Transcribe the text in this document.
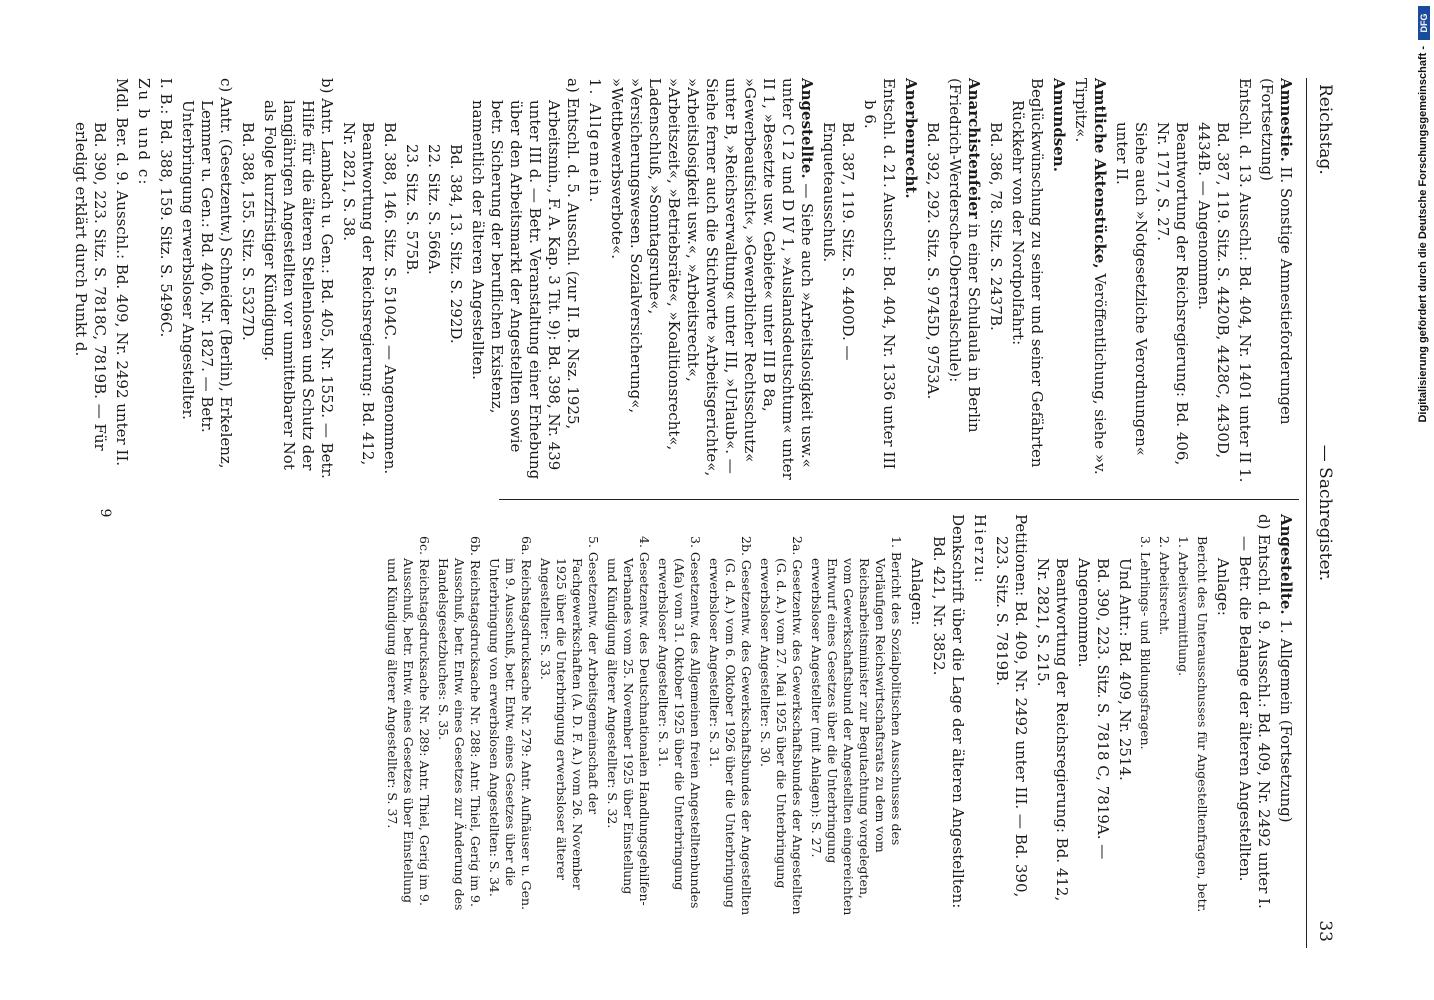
Reichstag.
— Sachregister.
33
Amnestie. II. Sonstige Amnestieforderungen (Fortsetzung)
Entschl. d. 13. Ausschl.: Bd. 404, Nr. 1401 unter II 1.
Bd. 387, 119. Sitz. S. 4420B, 4428C, 4430D, 4434B. — Angenommen.
Beantwortung der Reichsregierung: Bd. 406, Nr. 1717, S. 27.
Siehe auch »Notgesetzliche Verordnungen« unter II.
Amtliche Aktenstücke, Veröffentlichung, siehe »v. Tirpitz«.
Amundsen.
Beglückwünschung zu seiner und seiner Gefährten Rückkehr von der Nordpolfahrt:
Bd. 386, 78. Sitz. S. 2437B.
Anarchistenfeier in einer Schulaula in Berlin (Friedrich-Werdersche-Oberrealschule):
Bd. 392, 292. Sitz. S. 9745D, 9753A.
Anerbenrecht.
Entschl. d. 21. Ausschl.: Bd. 404, Nr. 1336 unter III b 6.
Bd. 387, 119. Sitz. S. 4400D. — Enqueteausschuß.
Angestellte. — Siehe auch »Arbeitslosigkeit usw.« unter C I 2 und D IV 1, »Auslandsdeutschtum« unter II 1, »Besetzte usw. Gebiete« unter III B 8a, »Gewerbeaufsicht«, »Gewerblicher Rechtsschutz« unter B, »Reichsverwaltung« unter III, »Urlaub«. — Siehe ferner auch die Stichworte »Arbeitsgerichte«, »Arbeitslosigkeit usw.«, »Arbeitsrecht«, »Arbeitszeit«, »Betriebsräte«, »Koalitionsrecht«, Ladenschluß, »Sonntagsruhe«, »Versicherungswesen. Sozialversicherung«, »Wettbewerbsverbote«.
1. Allgemein.
a) Entschl. d. 5. Ausschl. (zur II. B. Nsz. 1925, Arbeitsmin., F. A. Kap. 3 Tit. 9): Bd. 398, Nr. 439 unter III d. — Betr. Veranstaltung einer Erhebung über den Arbeitsmarkt der Angestellten sowie betr. Sicherung der beruflichen Existenz, namentlich der älteren Angestellten.
Bd. 384, 13. Sitz. S. 292D.
22. Sitz. S. 566A.
23. Sitz. S. 575B.
Bd. 388, 146. Sitz. S. 5104C. — Angenommen.
Beantwortung der Reichsregierung: Bd. 412, Nr. 2821, S. 38.
b) Antr. Lambach u. Gen.: Bd. 405, Nr. 1552. — Betr. Hilfe für die älteren Stellenlosen und Schutz der langjährigen Angestellten vor unmittelbarer Not als Folge kurzfristiger Kündigung.
Bd. 388, 155. Sitz. S. 5327D.
c) Antr. (Gesetzentw.) Schneider (Berlin), Erkelenz, Lemmer u. Gen.: Bd. 406, Nr. 1827. — Betr. Unterbringung erwerbsloser Angestellter.
I. B.: Bd. 388, 159. Sitz. S. 5496C.
Zu b und c:
Mdl. Ber. d. 9. Ausschl.: Bd. 409, Nr. 2492 unter II.
Bd. 390, 223. Sitz. S. 7818C, 7819B. — Für erledigt erklärt durch Punkt d.
Angestellte. 1. Allgemein (Fortsetzung)
d) Entschl. d. 9. Ausschl.: Bd. 409, Nr. 2492 unter I. — Betr. die Belange der älteren Angestellten.
Anlage:
Bericht des Unterausschusses für Angestelltenfragen, betr.
1. Arbeitsvermittlung.
2. Arbeitsrecht.
3. Lehrlings- und Bildungsfragen.
Und Antr.: Bd. 409, Nr. 2514.
Bd. 390, 223. Sitz. S. 7818 C, 7819A. — Angenommen.
Beantwortung der Reichsregierung: Bd. 412, Nr. 2821, S. 215.
Petitionen: Bd. 409, Nr. 2492 unter III. — Bd. 390, 223. Sitz. S. 7819B.
Hierzu:
Denkschrift über die Lage der älteren Angestellten: Bd. 421, Nr. 3852.
Anlagen:
1. Bericht des Sozialpolitischen Ausschusses des Vorläufigen Reichswirtschaftsrats zu dem vom Reichsarbeitsminister zur Begutachtung vorgelegten, vom Gewerkschaftsbund der Angestellten eingereichten Entwurf eines Gesetzes über die Unterbringung erwerbsloser Angestellter (mit Anlagen): S. 27.
2a. Gesetzentw. des Gewerkschaftsbundes der Angestellten (G. d. A.) vom 27. Mai 1925 über die Unterbringung erwerbsloser Angestellter: S. 30.
2b. Gesetzentw. des Gewerkschaftsbundes der Angestellten (G. d. A.) vom 6. Oktober 1926 über die Unterbringung erwerbsloser Angestellter: S. 31.
3. Gesetzentw. des Allgemeinen freien Angestelltenbundes (Afa) vom 31. Oktober 1925 über die Unterbringung erwerbsloser Angestellter: S. 31.
4. Gesetzentw. des Deutschnationalen Handlungsgehilfen-Verbandes vom 25. November 1925 über Einstellung und Kündigung älterer Angestellter: S. 32.
5. Gesetzentw. der Arbeitsgemeinschaft der Fachgewerkschaften (A. D. F. A.) vom 26. November 1925 über die Unterbringung erwerbsloser älterer Angestellter: S. 33.
6a. Reichstagsdrucksache Nr. 279: Antr. Aufhäuser u. Gen. im 9. Ausschuß, betr. Entw. eines Gesetzes über die Unterbringung von erwerbslosen Angestellten: S. 34.
6b. Reichstagsdrucksache Nr. 288: Antr. Thiel, Gerig im 9. Ausschuß, betr. Entw. eines Gesetzes zur Änderung des Handelsgesetzbuches: S. 35.
6c. Reichstagsdrucksache Nr. 289: Antr. Thiel, Gerig im 9. Ausschuß, betr. Entw. eines Gesetzes über Einstellung und Kündigung älterer Angestellter: S. 37.
9
DFG
Digitalisierung gefördert durch die Deutsche Forschungsgemeinschaft -
